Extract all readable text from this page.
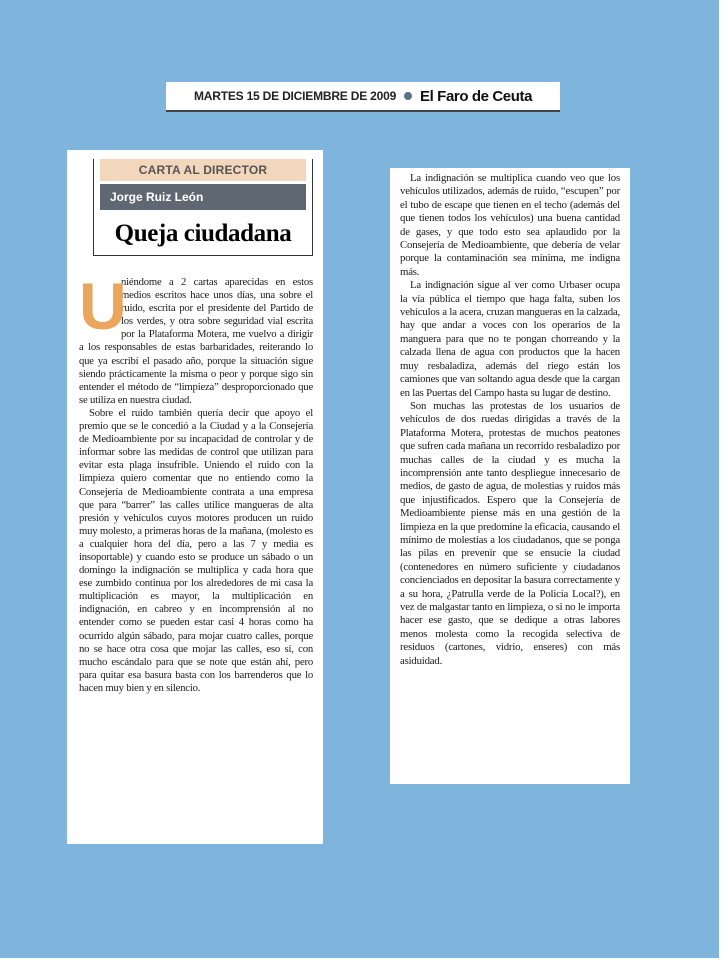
MARTES 15 DE DICIEMBRE DE 2009 El Faro de Ceuta
CARTA AL DIRECTOR
Jorge Ruiz León
Queja ciudadana

U
niéndome a 2 cartas aparecidas en estos medios escritos hace unos días, una sobre el ruido, escrita por el presidente del Partido de los verdes, y otra sobre seguridad vial escrita por la Plataforma Motera, me vuelvo a dirigir a los responsables de estas barbaridades, reiterando lo que ya escribí el pasado año, porque la situación sigue siendo prácticamente la misma o peor y porque sigo sin entender el método de “limpieza” desproporcionado que se utiliza en nuestra ciudad.

Sobre el ruido también quería decir que apoyo el premio que se le concedió a la Ciudad y a la Consejería de Medioambiente por su incapacidad de controlar y de informar sobre las medidas de control que utilizan para evitar esta plaga insufrible. Uniendo el ruido con la limpieza quiero comentar que no entiendo como la Consejería de Medioambiente contrata a una empresa que para “barrer” las calles utilice mangueras de alta presión y vehículos cuyos motores producen un ruido muy molesto, a primeras horas de la mañana, (molesto es a cualquier hora del día, pero a las 7 y media es insoportable) y cuando esto se produce un sábado o un domingo la indignación se multiplica y cada hora que ese zumbido continua por los alrededores de mi casa la multiplicación es mayor, la multiplicación en indignación, en cabreo y en incomprensión al no entender como se pueden estar casi 4 horas como ha ocurrido algún sábado, para mojar cuatro calles, porque no se hace otra cosa que mojar las calles, eso sí, con mucho escándalo para que se note que están ahí, pero para quitar esa basura basta con los barrenderos que lo hacen muy bien y en silencio.

La indignación se multiplica cuando veo que los vehículos utilizados, además de ruido, “escupen” por el tubo de escape que tienen en el techo (además del que tienen todos los vehículos) una buena cantidad de gases, y que todo esto sea aplaudido por la Consejería de Medioambiente, que debería de velar porque la contaminación sea mínima, me indigna más.

La indignación sigue al ver como Urbaser ocupa la vía pública el tiempo que haga falta, suben los vehículos a la acera, cruzan mangueras en la calzada, hay que andar a voces con los operarios de la manguera para que no te pongan chorreando y la calzada llena de agua con productos que la hacen muy resbaladiza, además del riego están los camiones que van soltando agua desde que la cargan en las Puertas del Campo hasta su lugar de destino.

Son muchas las protestas de los usuarios de vehículos de dos ruedas dirigidas a través de la Plataforma Motera, protestas de muchos peatones que sufren cada mañana un recorrido resbaladizo por muchas calles de la ciudad y es mucha la incomprensión ante tanto despliegue innecesario de medios, de gasto de agua, de molestias y ruidos más que injustificados. Espero que la Consejería de Medioambiente piense más en una gestión de la limpieza en la que predomine la eficacia, causando el mínimo de molestias a los ciudadanos, que se ponga las pilas en prevenir que se ensucie la ciudad (contenedores en número suficiente y ciudadanos concienciados en depositar la basura correctamente y a su hora, ¿Patrulla verde de la Policía Local?), en vez de malgastar tanto en limpieza, o si no le importa hacer ese gasto, que se dedique a otras labores menos molesta como la recogida selectiva de residuos (cartones, vidrio, enseres) con más asiduidad.
